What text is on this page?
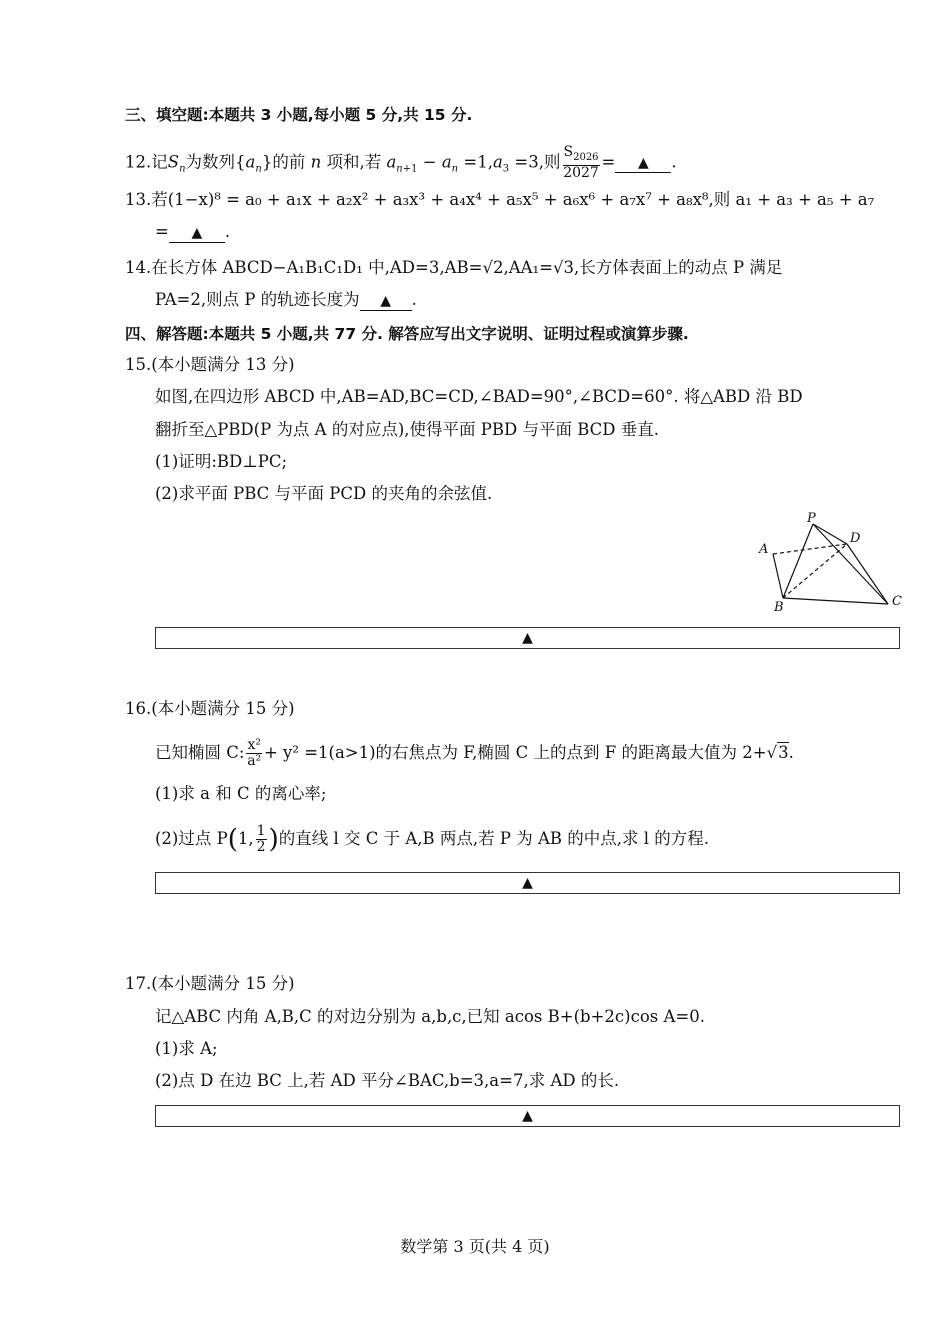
三、填空题:本题共 3 小题,每小题 5 分,共 15 分.
12.记$S_n$为数列$\{a_n\}$的前 n 项和,若 $a_{n+1} - a_n =1,a_3 =3$,则 $\frac{S_{2026}}{2027}$ = ▲ .
13.若(1−x)⁸ = a₀ + a₁x + a₂x² + a₃x³ + a₄x⁴ + a₅x⁵ + a₆x⁶ + a₇x⁷ + a₈x⁸,则 a₁ + a₃ + a₅ + a₇
= ▲ .
14.在长方体 ABCD−A₁B₁C₁D₁ 中,AD=3,AB=√2,AA₁=√3,长方体表面上的动点 P 满足
PA=2,则点 P 的轨迹长度为 ▲ .
四、解答题:本题共 5 小题,共 77 分. 解答应写出文字说明、证明过程或演算步骤.
15.(本小题满分 13 分)
如图,在四边形 ABCD 中,AB=AD,BC=CD,∠BAD=90°,∠BCD=60°. 将△ABD 沿 BD
翻折至△PBD(P 为点 A 的对应点),使得平面 PBD 与平面 BCD 垂直.
(1)证明:BD⊥PC;
(2)求平面 PBC 与平面 PCD 的夹角的余弦值.
P
A
D
B	C
▲
16.(本小题满分 15 分)
已知椭圆 C: $\frac{\text{x²}}{\text{a²}} + y^2 =1(a>1)$的右焦点为 F,椭圆 C 上的点到 F 的距离最大值为 2+√3.
(1)求 a 和 C 的离心率;
(2)过点 P(1, $\frac{1}{2}$ )的直线 l 交 C 于 A,B 两点,若 P 为 AB 的中点,求 l 的方程.
▲
17.(本小题满分 15 分)
记△ABC 内角 A,B,C 的对边分别为 a,b,c,已知 acos B+(b+2c)cos A=0.
(1)求 A;
(2)点 D 在边 BC 上,若 AD 平分∠BAC,b=3,a=7,求 AD 的长.
▲
数学第 3 页(共 4 页)
